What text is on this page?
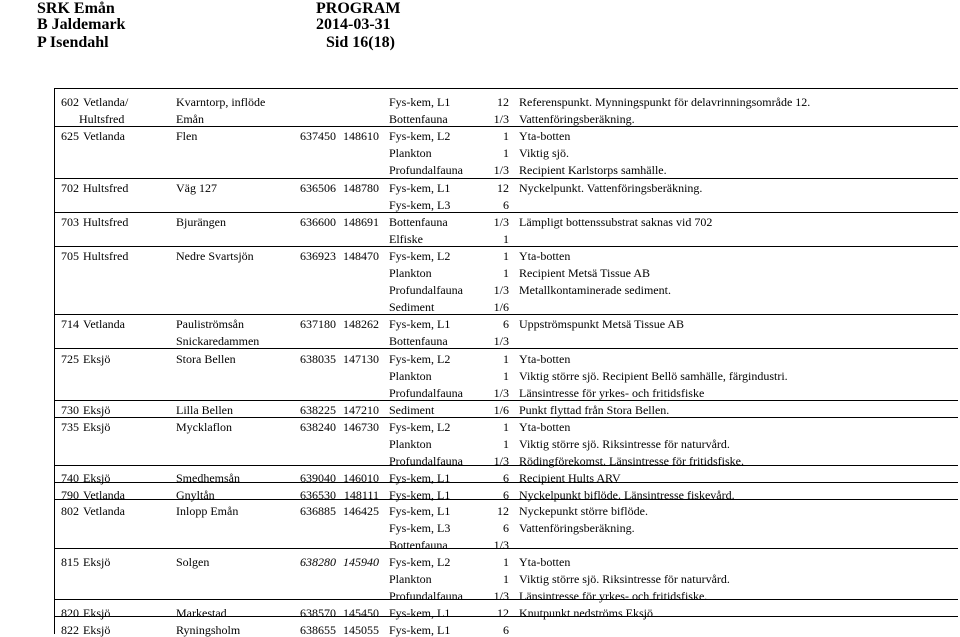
SRK Emån
B Jaldemark
P Isendahl
PROGRAM
2014-03-31
Sid 16(18)
602 Vetlanda/	Kvarntorp, inflöde	Fys-kem, L1	12 Referenspunkt. Mynningspunkt för delavrinningsområde 12.
Hultsfred	Emån	Bottenfauna	1/3 Vattenföringsberäkning.
625 Vetlanda	Flen	637450 148610 Fys-kem, L2	1 Yta-botten
Plankton	1 Viktig sjö.
Profundalfauna	1/3 Recipient Karlstorps samhälle.
702 Hultsfred	Väg 127	636506 148780 Fys-kem, L1	12 Nyckelpunkt. Vattenföringsberäkning.
Fys-kem, L3	6
703 Hultsfred	Bjurängen	636600 148691 Bottenfauna	1/3 Lämpligt bottenssubstrat saknas vid 702
Elfiske	1
705 Hultsfred	Nedre Svartsjön	636923 148470 Fys-kem, L2	1 Yta-botten
Plankton	1 Recipient Metsä Tissue AB
Profundalfauna	1/3 Metallkontaminerade sediment.
Sediment	1/6
714 Vetlanda	Pauliströmsån	637180 148262 Fys-kem, L1	6 Uppströmspunkt Metsä Tissue AB
Snickaredammen	Bottenfauna	1/3
725 Eksjö	Stora Bellen	638035 147130 Fys-kem, L2	1 Yta-botten
Plankton	1 Viktig större sjö. Recipient Bellö samhälle, färgindustri.
Profundalfauna	1/3 Länsintresse för yrkes- och fritidsfiske
730 Eksjö	Lilla Bellen	638225 147210 Sediment	1/6 Punkt flyttad från Stora Bellen.
735 Eksjö	Mycklaflon	638240 146730 Fys-kem, L2	1 Yta-botten
Plankton	1 Viktig större sjö. Riksintresse för naturvård.
Profundalfauna	1/3 Rödingförekomst. Länsintresse för fritidsfiske.
740 Eksjö	Smedhemsån	639040 146010 Fys-kem, L1	6 Recipient Hults ARV
790 Vetlanda	Gnyltån	636530 148111 Fys-kem, L1	6 Nyckelpunkt biflöde. Länsintresse fiskevård.
802 Vetlanda	Inlopp Emån	636885 146425 Fys-kem, L1	12 Nyckepunkt större biflöde.
Fys-kem, L3	6 Vattenföringsberäkning.
Bottenfauna	1/3
815 Eksjö	Solgen	638280 145940 Fys-kem, L2	1 Yta-botten
Plankton	1 Viktig större sjö. Riksintresse för naturvård.
Profundalfauna	1/3 Länsintresse för yrkes- och fritidsfiske.
820 Eksjö	Markestad	638570 145450 Fys-kem, L1	12 Knutpunkt nedströms Eksjö
822 Eksjö	Ryningsholm	638655 145055 Fys-kem, L1	6
